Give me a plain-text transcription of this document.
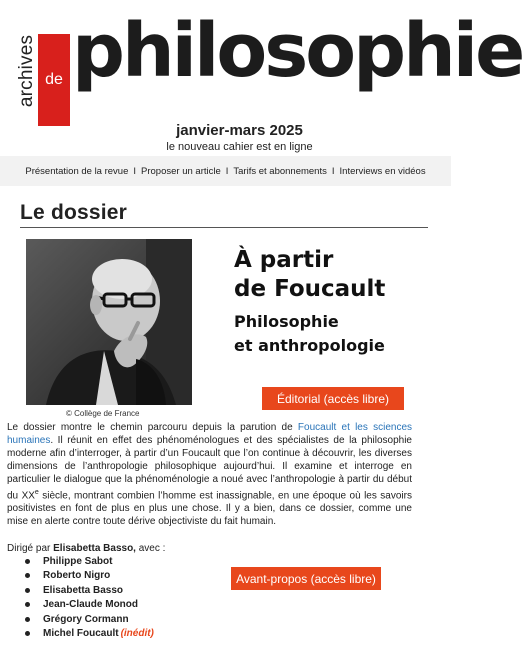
archives de philosophie
janvier-mars 2025
le nouveau cahier est en ligne
Présentation de la revue I Proposer un article I Tarifs et abonnements I Interviews en vidéos
Le dossier
© Collège de France
À partir
de Foucault
Philosophie
et anthropologie
Éditorial (accès libre)
Le dossier montre le chemin parcouru depuis la parution de Foucault et les sciences humaines. Il réunit en effet des phénoménologues et des spécialistes de la philosophie moderne afin d’interroger, à partir d’un Foucault que l’on continue à découvrir, les diverses dimensions de l’anthropologie philosophique aujourd’hui. Il examine et interroge en particulier le dialogue que la phénoménologie a noué avec l’anthropologie à partir du début du XXe siècle, montrant combien l’homme est inassignable, en une époque où les savoirs positivistes en font de plus en plus une chose. Il y a bien, dans ce dossier, comme une mise en alerte contre toute dérive objectiviste du fait humain.
Dirigé par Elisabetta Basso, avec :
Philippe Sabot
Roberto Nigro
Elisabetta Basso
Jean-Claude Monod
Grégory Cormann
Michel Foucault (inédit)
Avant-propos (accès libre)
